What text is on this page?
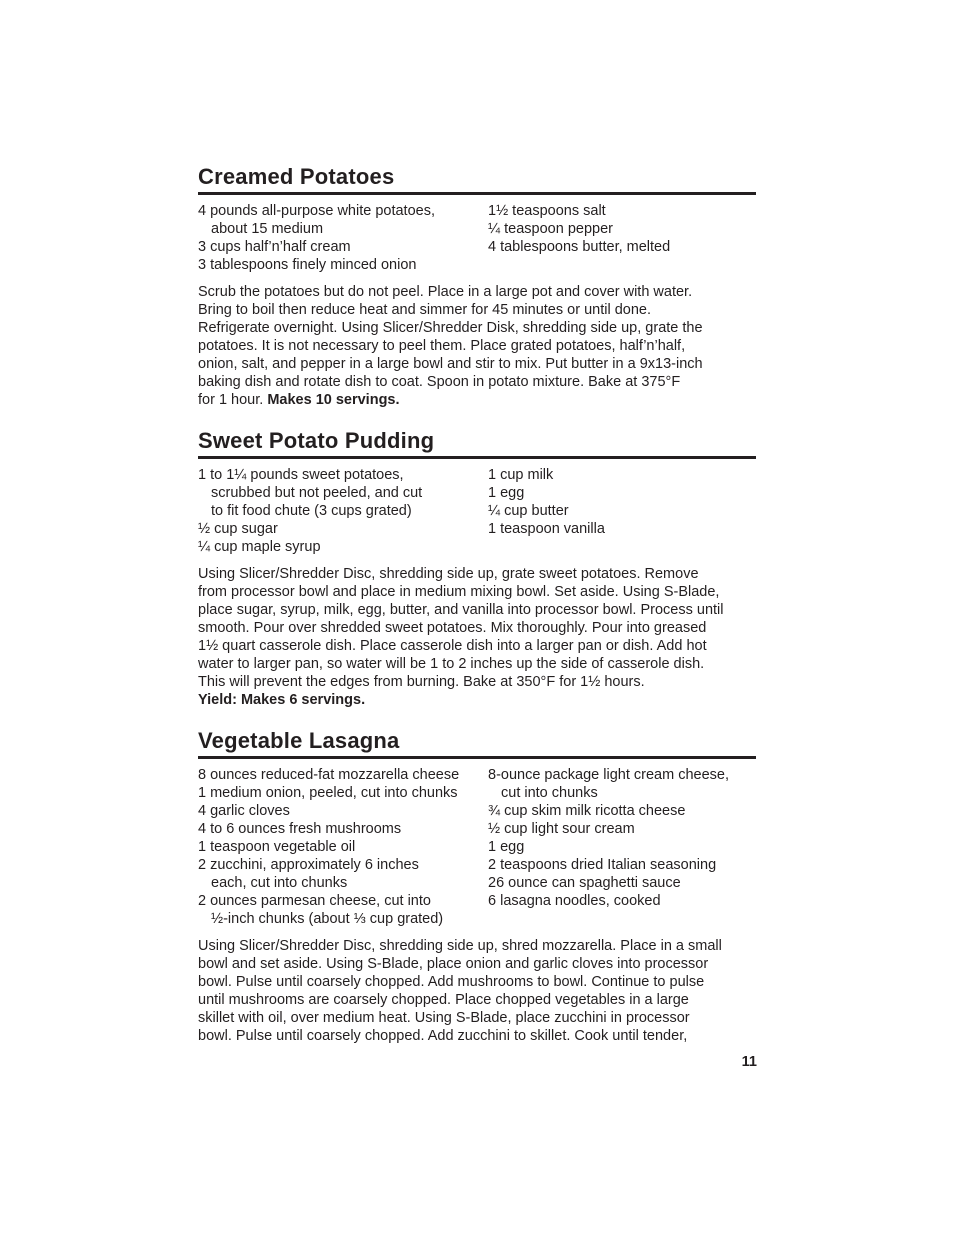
Creamed Potatoes
4 pounds all-purpose white potatoes, about 15 medium
3 cups half’n’half cream
3 tablespoons finely minced onion
1½ teaspoons salt
¼ teaspoon pepper
4 tablespoons butter, melted

Scrub the potatoes but do not peel. Place in a large pot and cover with water.
Bring to boil then reduce heat and simmer for 45 minutes or until done.
Refrigerate overnight. Using Slicer/Shredder Disk, shredding side up, grate the
potatoes. It is not necessary to peel them. Place grated potatoes, half’n’half,
onion, salt, and pepper in a large bowl and stir to mix. Put butter in a 9x13-inch
baking dish and rotate dish to coat. Spoon in potato mixture. Bake at 375°F
for 1 hour. Makes 10 servings.

Sweet Potato Pudding
1 to 1¼ pounds sweet potatoes, scrubbed but not peeled, and cut
to fit food chute (3 cups grated)
½ cup sugar
¼ cup maple syrup
1 cup milk
1 egg
¼ cup butter
1 teaspoon vanilla

Using Slicer/Shredder Disc, shredding side up, grate sweet potatoes. Remove
from processor bowl and place in medium mixing bowl. Set aside. Using S-Blade,
place sugar, syrup, milk, egg, butter, and vanilla into processor bowl. Process until
smooth. Pour over shredded sweet potatoes. Mix thoroughly. Pour into greased
1½ quart casserole dish. Place casserole dish into a larger pan or dish. Add hot
water to larger pan, so water will be 1 to 2 inches up the side of casserole dish.
This will prevent the edges from burning. Bake at 350°F for 1½ hours.
Yield: Makes 6 servings.

Vegetable Lasagna
8 ounces reduced-fat mozzarella cheese
1 medium onion, peeled, cut into chunks
4 garlic cloves
4 to 6 ounces fresh mushrooms
1 teaspoon vegetable oil
2 zucchini, approximately 6 inches
each, cut into chunks
2 ounces parmesan cheese, cut into
½-inch chunks (about ⅓ cup grated)
8-ounce package light cream cheese,
cut into chunks
¾ cup skim milk ricotta cheese
½ cup light sour cream
1 egg
2 teaspoons dried Italian seasoning
26 ounce can spaghetti sauce
6 lasagna noodles, cooked

Using Slicer/Shredder Disc, shredding side up, shred mozzarella. Place in a small
bowl and set aside. Using S-Blade, place onion and garlic cloves into processor
bowl. Pulse until coarsely chopped. Add mushrooms to bowl. Continue to pulse
until mushrooms are coarsely chopped. Place chopped vegetables in a large
skillet with oil, over medium heat. Using S-Blade, place zucchini in processor
bowl. Pulse until coarsely chopped. Add zucchini to skillet. Cook until tender,

11
